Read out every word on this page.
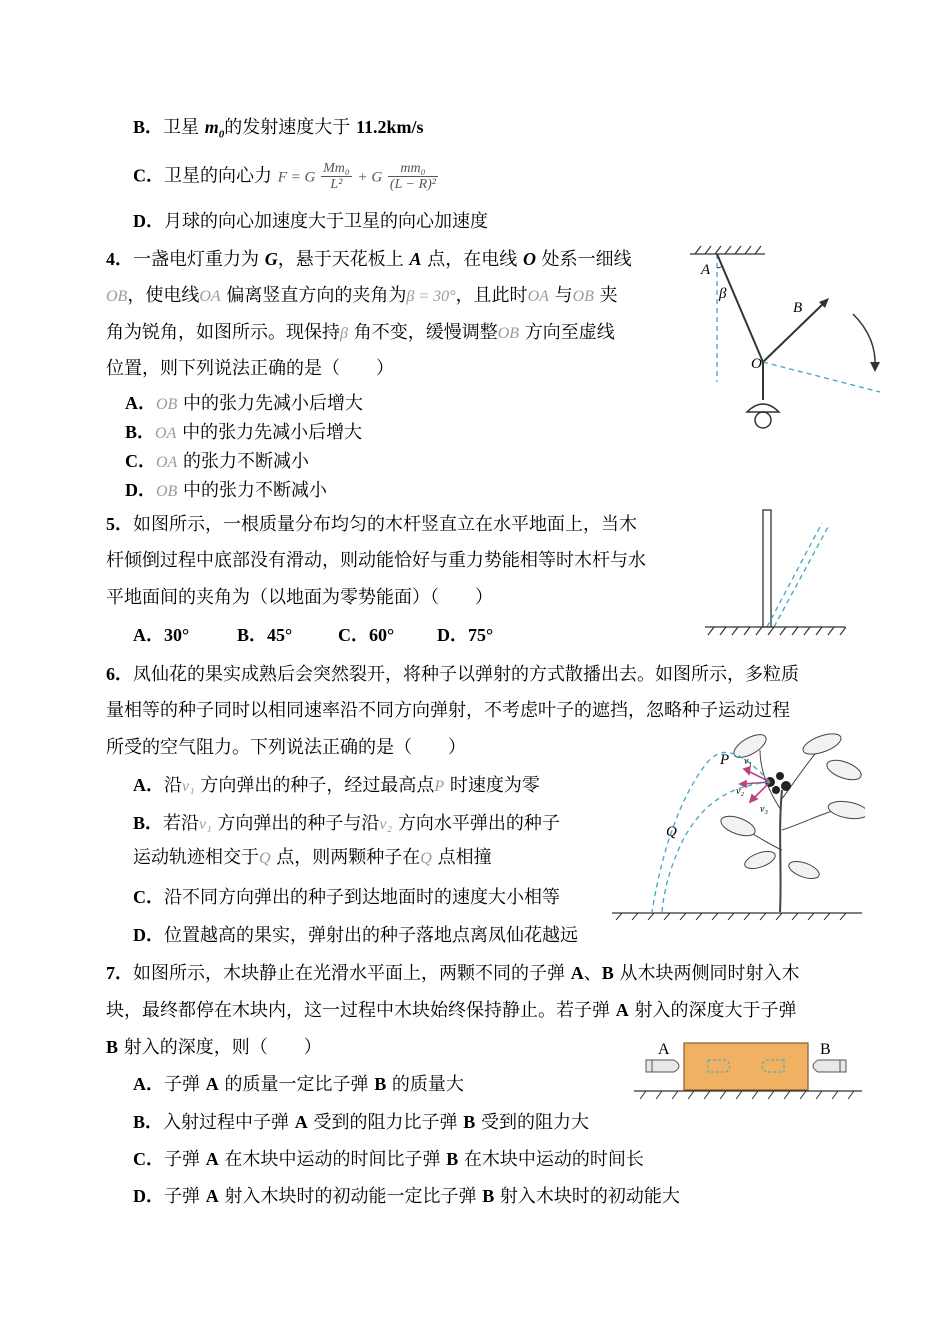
B．卫星 $m_0$的发射速度大于 11.2km/s
C．卫星的向心力 F = G $\frac{\text{Mm₀}}{\text{L²}} + G \frac{\text{mm₀}}{\text{(L − R)²}}$
D．月球的向心加速度大于卫星的向心加速度
4．一盏电灯重力为 G，悬于天花板上 A 点，在电线 O 处系一细线
OB，使电线OA 偏离竖直方向的夹角为β = 30°，且此时OA 与OB 夹
角为锐角，如图所示。现保持β 角不变，缓慢调整OB 方向至虚线
位置，则下列说法正确的是（　　）
A．OB 中的张力先减小后增大
B．OA 中的张力先减小后增大
C．OA 的张力不断减小
D．OB 中的张力不断减小
A
β
B
O
5．如图所示，一根质量分布均匀的木杆竖直立在水平地面上，当木
杆倾倒过程中底部没有滑动，则动能恰好与重力势能相等时木杆与水
平地面间的夹角为（以地面为零势能面）（　　）
A．30°	B．45°	C．60° D．75°
6．凤仙花的果实成熟后会突然裂开，将种子以弹射的方式散播出去。如图所示，多粒质
量相等的种子同时以相同速率沿不同方向弹射，不考虑叶子的遮挡，忽略种子运动过程
所受的空气阻力。下列说法正确的是（　　）
A．沿v₁ 方向弹出的种子，经过最高点P 时速度为零
B．若沿v₁ 方向弹出的种子与沿v₂ 方向水平弹出的种子
运动轨迹相交于Q 点，则两颗种子在Q 点相撞
C．沿不同方向弹出的种子到达地面时的速度大小相等
D．位置越高的果实，弹射出的种子落地点离凤仙花越远
P
Q
v₁
v₂
v₃
7．如图所示，木块静止在光滑水平面上，两颗不同的子弹 A、B 从木块两侧同时射入木
块，最终都停在木块内，这一过程中木块始终保持静止。若子弹 A 射入的深度大于子弹
B 射入的深度，则（　　）
A．子弹 A 的质量一定比子弹 B 的质量大
B．入射过程中子弹 A 受到的阻力比子弹 B 受到的阻力大
C．子弹 A 在木块中运动的时间比子弹 B 在木块中运动的时间长
D．子弹 A 射入木块时的初动能一定比子弹 B 射入木块时的初动能大
A	B
